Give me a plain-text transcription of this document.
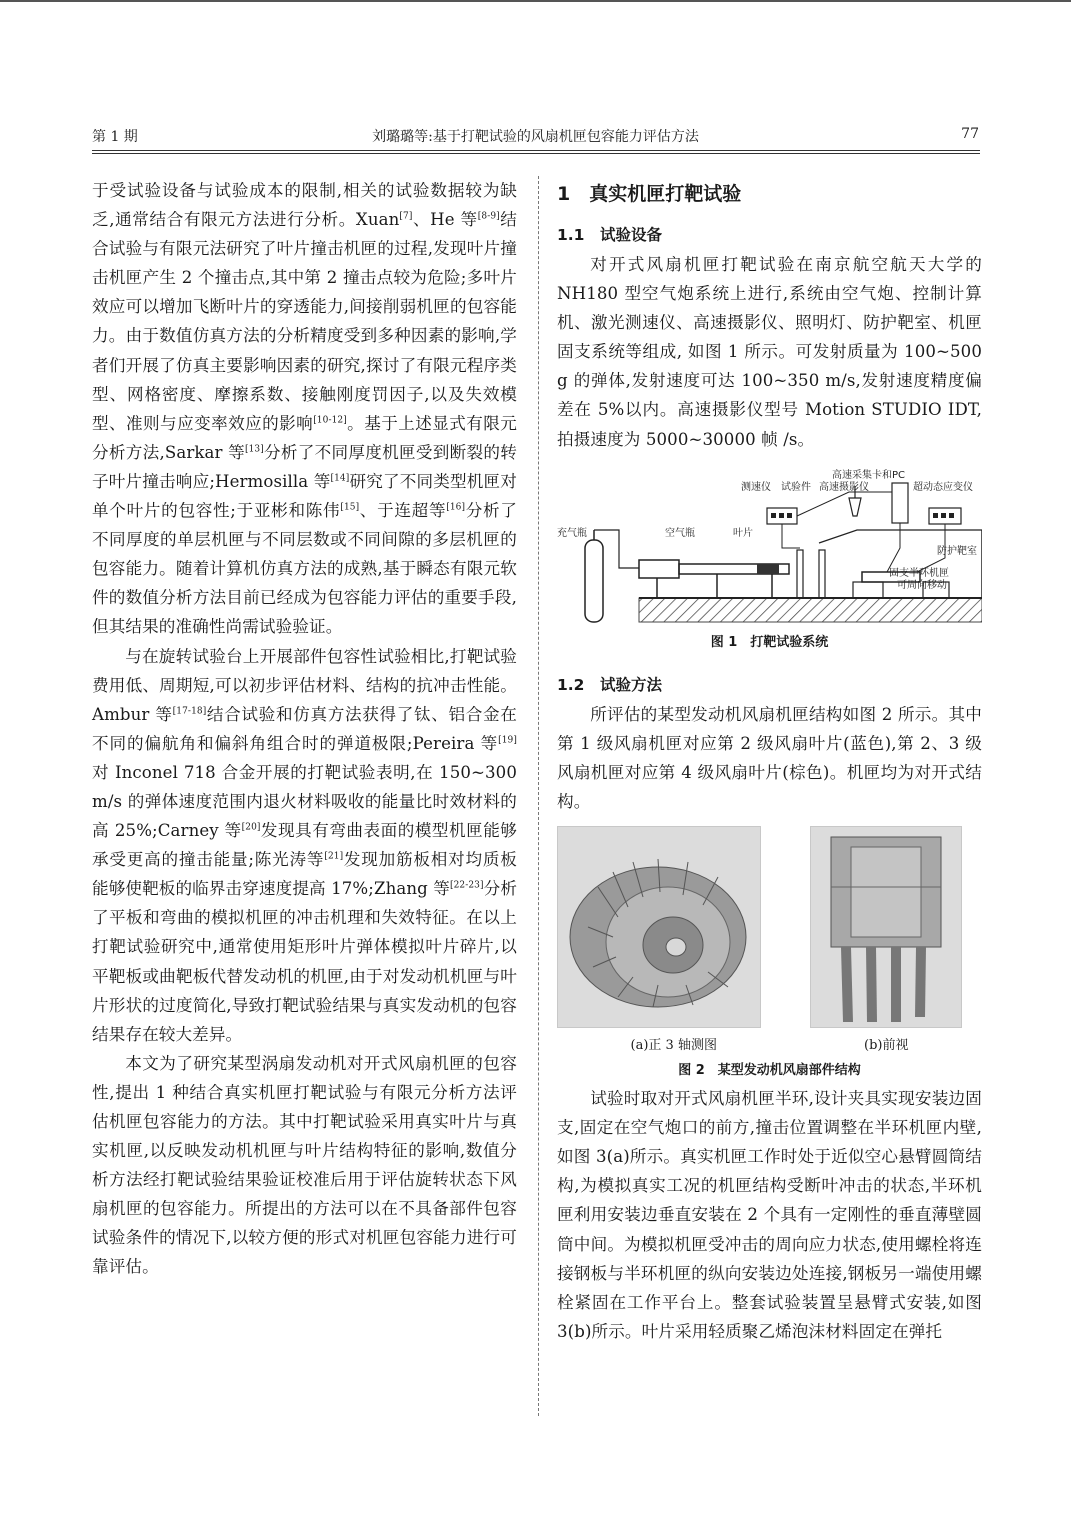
第 1 期	刘璐璐等:基于打靶试验的风扇机匣包容能力评估方法	77

于受试验设备与试验成本的限制,相关的试验数据较为缺乏,通常结合有限元方法进行分析。Xuan[7]、He 等[8-9]结合试验与有限元法研究了叶片撞击机匣的过程,发现叶片撞击机匣产生 2 个撞击点,其中第 2 撞击点较为危险;多叶片效应可以增加飞断叶片的穿透能力,间接削弱机匣的包容能力。由于数值仿真方法的分析精度受到多种因素的影响,学者们开展了仿真主要影响因素的研究,探讨了有限元程序类型、网格密度、摩擦系数、接触刚度罚因子,以及失效模型、准则与应变率效应的影响[10-12]。基于上述显式有限元分析方法,Sarkar 等[13]分析了不同厚度机匣受到断裂的转子叶片撞击响应;Hermosilla 等[14]研究了不同类型机匣对单个叶片的包容性;于亚彬和陈伟[15]、于连超等[16]分析了不同厚度的单层机匣与不同层数或不同间隙的多层机匣的包容能力。随着计算机仿真方法的成熟,基于瞬态有限元软件的数值分析方法目前已经成为包容能力评估的重要手段,但其结果的准确性尚需试验验证。

与在旋转试验台上开展部件包容性试验相比,打靶试验费用低、周期短,可以初步评估材料、结构的抗冲击性能。Ambur 等[17-18]结合试验和仿真方法获得了钛、铝合金在不同的偏航角和偏斜角组合时的弹道极限;Pereira 等[19]对 Inconel 718 合金开展的打靶试验表明,在 150~300 m/s 的弹体速度范围内退火材料吸收的能量比时效材料的高 25%;Carney 等[20]发现具有弯曲表面的模型机匣能够承受更高的撞击能量;陈光涛等[21]发现加筋板相对均质板能够使靶板的临界击穿速度提高 17%;Zhang 等[22-23]分析了平板和弯曲的模拟机匣的冲击机理和失效特征。在以上打靶试验研究中,通常使用矩形叶片弹体模拟叶片碎片,以平靶板或曲靶板代替发动机的机匣,由于对发动机机匣与叶片形状的过度简化,导致打靶试验结果与真实发动机的包容结果存在较大差异。

本文为了研究某型涡扇发动机对开式风扇机匣的包容性,提出 1 种结合真实机匣打靶试验与有限元分析方法评估机匣包容能力的方法。其中打靶试验采用真实叶片与真实机匣,以反映发动机机匣与叶片结构特征的影响,数值分析方法经打靶试验结果验证校准后用于评估旋转状态下风扇机匣的包容能力。所提出的方法可以在不具备部件包容试验条件的情况下,以较方便的形式对机匣包容能力进行可靠评估。

1　真实机匣打靶试验
1.1　试验设备

对开式风扇机匣打靶试验在南京航空航天大学的 NH180 型空气炮系统上进行,系统由空气炮、控制计算机、激光测速仪、高速摄影仪、照明灯、防护靶室、机匣固支系统等组成, 如图 1 所示。可发射质量为 100~500 g 的弹体,发射速度可达 100~350 m/s,发射速度精度偏差在 5%以内。高速摄影仪型号 Motion STUDIO IDT,拍摄速度为 5000~30000 帧 /s。

高速采集卡和PC
测速仪 试验件 高速摄影仪	超动态应变仪
充气瓶	空气瓶	叶片
防护靶室
固支半环机匣
可周向移动
图 1　打靶试验系统
1.2　试验方法

所评估的某型发动机风扇机匣结构如图 2 所示。其中第 1 级风扇机匣对应第 2 级风扇叶片(蓝色),第 2、3 级风扇机匣对应第 4 级风扇叶片(棕色)。机匣均为对开式结构。

(a)正 3 轴测图	(b)前视
图 2　某型发动机风扇部件结构

试验时取对开式风扇机匣半环,设计夹具实现安装边固支,固定在空气炮口的前方,撞击位置调整在半环机匣内壁,如图 3(a)所示。真实机匣工作时处于近似空心悬臂圆筒结构,为模拟真实工况的机匣结构受断叶冲击的状态,半环机匣利用安装边垂直安装在 2 个具有一定刚性的垂直薄壁圆筒中间。为模拟机匣受冲击的周向应力状态,使用螺栓将连接钢板与半环机匣的纵向安装边处连接,钢板另一端使用螺栓紧固在工作平台上。整套试验装置呈悬臂式安装,如图 3(b)所示。叶片采用轻质聚乙烯泡沫材料固定在弹托
